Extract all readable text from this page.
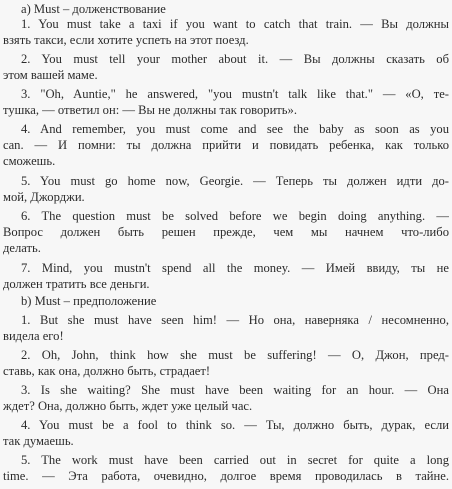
a) Must – долженствование

1. You must take a taxi if you want to catch that train. — Вы должны

взять такси, если хотите успеть на этот поезд.

2. You must tell your mother about it. — Вы должны сказать об

этом вашей маме.

3. "Oh, Auntie," he answered, "you mustn't talk like that." — «О, те-

тушка, — ответил он: — Вы не должны так говорить».

4. And remember, you must come and see the baby as soon as you

can. — И помни: ты должна прийти и повидать ребенка, как только

сможешь.

5. You must go home now, Georgie. — Теперь ты должен идти до-

мой, Джорджи.

6. The question must be solved before we begin doing anything. —

Вопрос должен быть решен прежде, чем мы начнем что-либо

делать.

7. Mind, you mustn't spend all the money. — Имей ввиду, ты не

должен тратить все деньги.

b) Must – предположение

1. But she must have seen him! — Но она, наверняка / несомненно,

видела его!

2. Oh, John, think how she must be suffering! — О, Джон, пред-

ставь, как она, должно быть, страдает!

3. Is she waiting? She must have been waiting for an hour. — Она

ждет? Она, должно быть, ждет уже целый час.

4. You must be a fool to think so. — Ты, должно быть, дурак, если

так думаешь.

5. The work must have been carried out in secret for quite a long

time. — Эта работа, очевидно, долгое время проводилась в тайне.
